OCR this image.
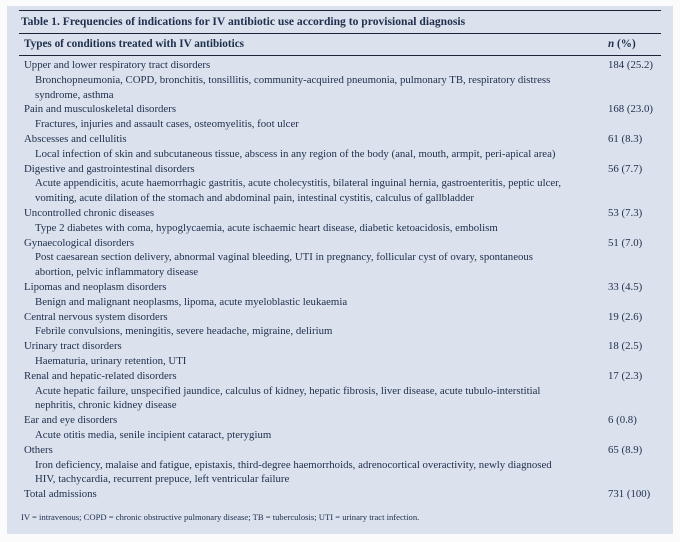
Table 1. Frequencies of indications for IV antibiotic use according to provisional diagnosis
Types of conditions treated with IV antibiotics	n (%)
Upper and lower respiratory tract disorders	184 (25.2)
Bronchopneumonia, COPD, bronchitis, tonsillitis, community-acquired pneumonia, pulmonary TB, respiratory distress syndrome, asthma
Pain and musculoskeletal disorders	168 (23.0)
Fractures, injuries and assault cases, osteomyelitis, foot ulcer
Abscesses and cellulitis	61 (8.3)
Local infection of skin and subcutaneous tissue, abscess in any region of the body (anal, mouth, armpit, peri-apical area)
Digestive and gastrointestinal disorders	56 (7.7)
Acute appendicitis, acute haemorrhagic gastritis, acute cholecystitis, bilateral inguinal hernia, gastroenteritis, peptic ulcer, vomiting, acute dilation of the stomach and abdominal pain, intestinal cystitis, calculus of gallbladder
Uncontrolled chronic diseases	53 (7.3)
Type 2 diabetes with coma, hypoglycaemia, acute ischaemic heart disease, diabetic ketoacidosis, embolism
Gynaecological disorders	51 (7.0)
Post caesarean section delivery, abnormal vaginal bleeding, UTI in pregnancy, follicular cyst of ovary, spontaneous abortion, pelvic inflammatory disease
Lipomas and neoplasm disorders	33 (4.5)
Benign and malignant neoplasms, lipoma, acute myeloblastic leukaemia
Central nervous system disorders	19 (2.6)
Febrile convulsions, meningitis, severe headache, migraine, delirium
Urinary tract disorders	18 (2.5)
Haematuria, urinary retention, UTI
Renal and hepatic-related disorders	17 (2.3)
Acute hepatic failure, unspecified jaundice, calculus of kidney, hepatic fibrosis, liver disease, acute tubulo-interstitial nephritis, chronic kidney disease
Ear and eye disorders	6 (0.8)
Acute otitis media, senile incipient cataract, pterygium
Others	65 (8.9)
Iron deficiency, malaise and fatigue, epistaxis, third-degree haemorrhoids, adrenocortical overactivity, newly diagnosed HIV, tachycardia, recurrent prepuce, left ventricular failure
Total admissions	731 (100)
IV = intravenous; COPD = chronic obstructive pulmonary disease; TB = tuberculosis; UTI = urinary tract infection.
